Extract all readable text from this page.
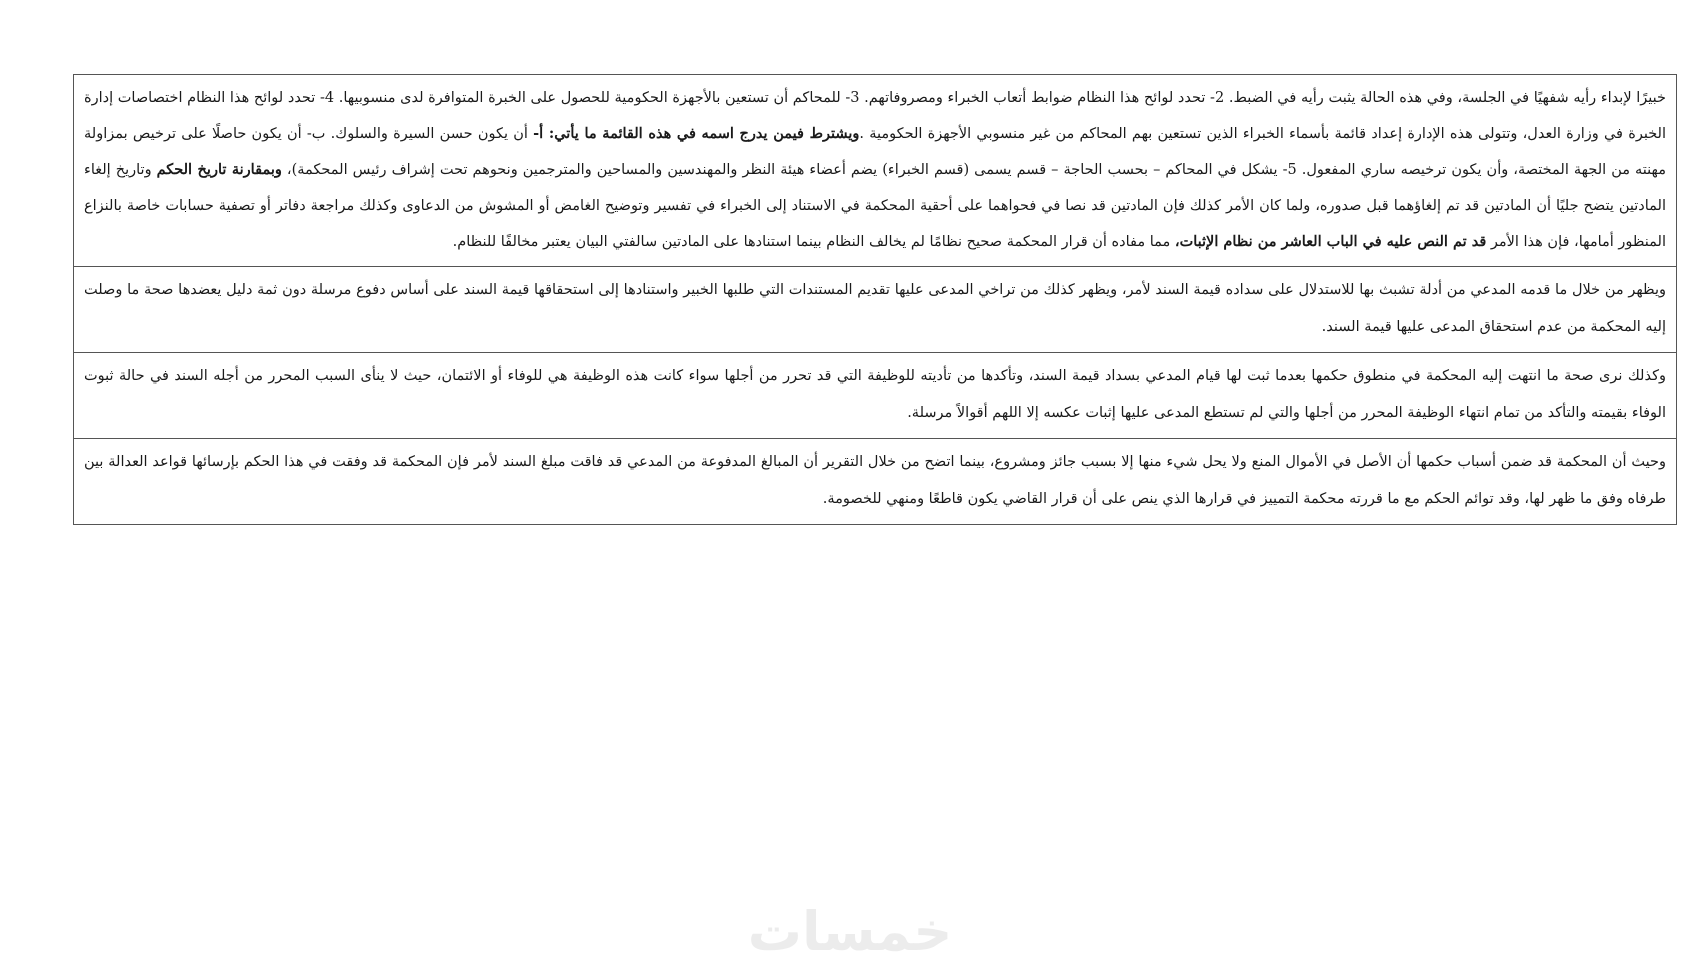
خبيرًا لإبداء رأيه شفهيًا في الجلسة، وفي هذه الحالة يثبت رأيه في الضبط. 2- تحدد لوائح هذا النظام ضوابط أتعاب الخبراء ومصروفاتهم. 3- للمحاكم أن تستعين بالأجهزة الحكومية للحصول على الخبرة المتوافرة لدى منسوبيها. 4- تحدد لوائح هذا النظام اختصاصات إدارة الخبرة في وزارة العدل، وتتولى هذه الإدارة إعداد قائمة بأسماء الخبراء الذين تستعين بهم المحاكم من غير منسوبي الأجهزة الحكومية .ويشترط فيمن يدرج اسمه في هذه القائمة ما يأتي: أ- أن يكون حسن السيرة والسلوك. ب- أن يكون حاصلًا على ترخيص بمزاولة مهنته من الجهة المختصة، وأن يكون ترخيصه ساري المفعول. 5- يشكل في المحاكم – بحسب الحاجة – قسم يسمى (قسم الخبراء) يضم أعضاء هيئة النظر والمهندسين والمساحين والمترجمين ونحوهم تحت إشراف رئيس المحكمة)، وبمقارنة تاريخ الحكم وتاريخ إلغاء المادتين يتضح جليًا أن المادتين قد تم إلغاؤهما قبل صدوره، ولما كان الأمر كذلك فإن المادتين قد نصا في فحواهما على أحقية المحكمة في الاستناد إلى الخبراء في تفسير وتوضيح الغامض أو المشوش من الدعاوى وكذلك مراجعة دفاتر أو تصفية حسابات خاصة بالنزاع المنظور أمامها، فإن هذا الأمر قد تم النص عليه في الباب العاشر من نظام الإثبات، مما مفاده أن قرار المحكمة صحيح نظامًا لم يخالف النظام بينما استنادها على المادتين سالفتي البيان يعتبر مخالفًا للنظام.
ويظهر من خلال ما قدمه المدعي من أدلة تشبث بها للاستدلال على سداده قيمة السند لأمر، ويظهر كذلك من تراخي المدعى عليها تقديم المستندات التي طلبها الخبير واستنادها إلى استحقاقها قيمة السند على أساس دفوع مرسلة دون ثمة دليل يعضدها صحة ما وصلت إليه المحكمة من عدم استحقاق المدعى عليها قيمة السند.
وكذلك نرى صحة ما انتهت إليه المحكمة في منطوق حكمها بعدما ثبت لها قيام المدعي بسداد قيمة السند، وتأكدها من تأديته للوظيفة التي قد تحرر من أجلها سواء كانت هذه الوظيفة هي للوفاء أو الائتمان، حيث لا ينأى السبب المحرر من أجله السند في حالة ثبوت الوفاء بقيمته والتأكد من تمام انتهاء الوظيفة المحرر من أجلها والتي لم تستطع المدعى عليها إثبات عكسه إلا اللهم أقوالاً مرسلة.
وحيث أن المحكمة قد ضمن أسباب حكمها أن الأصل في الأموال المنع ولا يحل شيء منها إلا بسبب جائز ومشروع، بينما اتضح من خلال التقرير أن المبالغ المدفوعة من المدعي قد فاقت مبلغ السند لأمر فإن المحكمة قد وفقت في هذا الحكم بإرسائها قواعد العدالة بين طرفاه وفق ما ظهر لها، وقد توائم الحكم مع ما قررته محكمة التمييز في قرارها الذي ينص على أن قرار القاضي يكون قاطعًا ومنهي للخصومة.
خمسات
